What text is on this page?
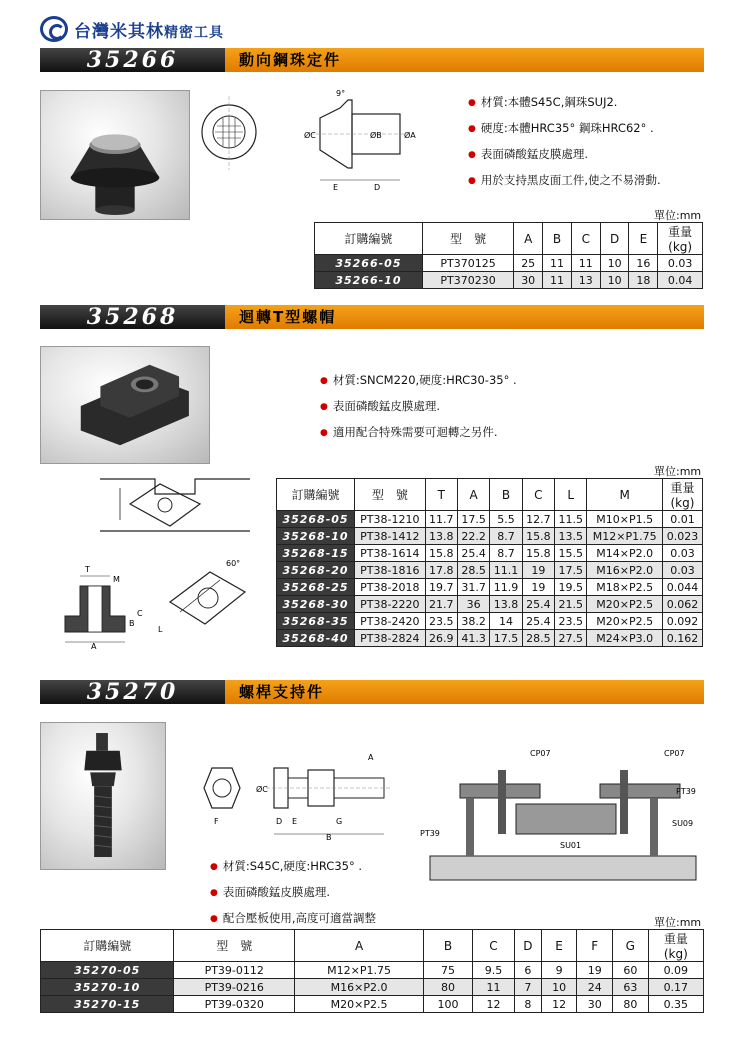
台灣米其林精密工具
35266	動向鋼珠定件
E	D
ØC	ØA
ØB
9°
● 材質:本體S45C,鋼珠SUJ2.
● 硬度:本體HRC35° 鋼珠HRC62° .
● 表面磷酸錳皮膜處理.
● 用於支持黑皮面工件,使之不易滑動.
單位:mm
訂購編號	型　號	A	B	C	D	E	重量
(kg)
35266-05	PT370125	25	11	11	10	16	0.03
35266-10	PT370230	30	11	13	10	18	0.04
35268	迴轉T型螺帽
● 材質:SNCM220,硬度:HRC30-35° .
● 表面磷酸錳皮膜處理.
● 適用配合特殊需要可迴轉之另件.
T
M
A
B
C
60°
L
單位:mm
訂購編號	型　號	T	A	B	C	L	M	重量
(kg)
35268-05	PT38-1210	11.7	17.5	5.5	12.7	11.5	M10×P1.5	0.01
35268-10	PT38-1412	13.8	22.2	8.7	15.8	13.5	M12×P1.75	0.023
35268-15	PT38-1614	15.8	25.4	8.7	15.8	15.5	M14×P2.0	0.03
35268-20	PT38-1816	17.8	28.5	11.1	19	17.5	M16×P2.0	0.03
35268-25	PT38-2018	19.7	31.7	11.9	19	19.5	M18×P2.5	0.044
35268-30	PT38-2220	21.7	36	13.8	25.4	21.5	M20×P2.5	0.062
35268-35	PT38-2420	23.5	38.2	14	25.4	23.5	M20×P2.5	0.092
35268-40	PT38-2824	26.9	41.3	17.5	28.5	27.5	M24×P3.0	0.162
35270	螺桿支持件
F	D E	G
B
A
ØC
CP07	CP07
PT39
PT39
SU09
SU01
● 材質:S45C,硬度:HRC35° .
● 表面磷酸錳皮膜處理.
● 配合壓板使用,高度可適當調整	單位:mm
訂購編號	型　號	A	B	C	D	E	F	G	重量
(kg)
35270-05	PT39-0112	M12×P1.75	75	9.5	6	9	19	60	0.09
35270-10	PT39-0216	M16×P2.0	80	11	7	10	24	63	0.17
35270-15	PT39-0320	M20×P2.5	100	12	8	12	30	80	0.35
